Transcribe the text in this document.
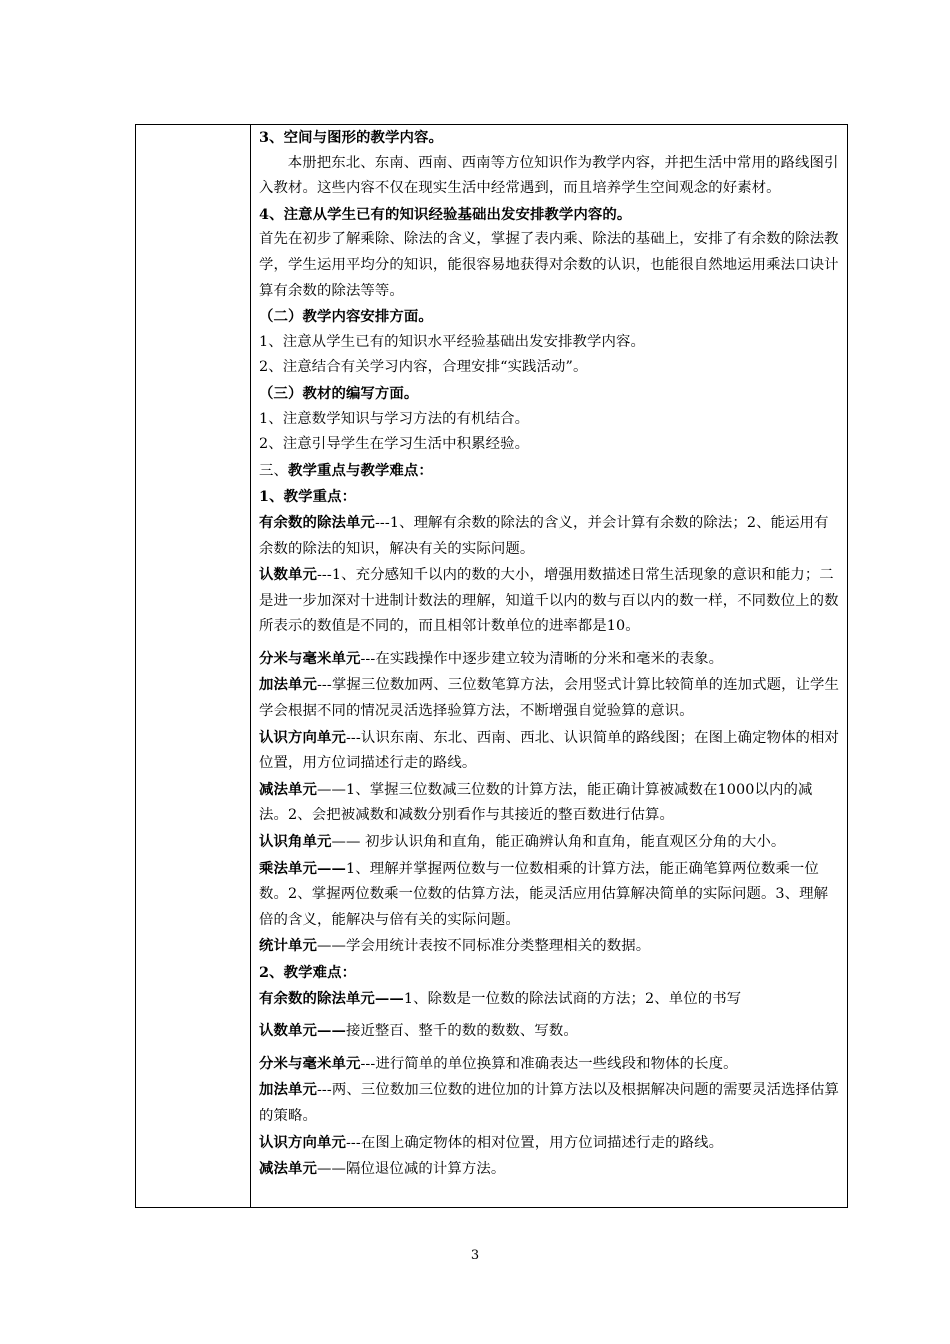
3、空间与图形的教学内容。

本册把东北、东南、西南、西南等方位知识作为教学内容，并把生活中常用的路线图引入教材。这些内容不仅在现实生活中经常遇到，而且培养学生空间观念的好素材。

4、注意从学生已有的知识经验基础出发安排教学内容的。

首先在初步了解乘除、除法的含义，掌握了表内乘、除法的基础上，安排了有余数的除法教学，学生运用平均分的知识，能很容易地获得对余数的认识，也能很自然地运用乘法口诀计算有余数的除法等等。

（二）教学内容安排方面。

1、注意从学生已有的知识水平经验基础出发安排教学内容。

2、注意结合有关学习内容，合理安排“实践活动”。

（三）教材的编写方面。

1、注意数学知识与学习方法的有机结合。

2、注意引导学生在学习生活中积累经验。

三、教学重点与教学难点：

1、教学重点：

有余数的除法单元---1、理解有余数的除法的含义，并会计算有余数的除法；2、能运用有余数的除法的知识，解决有关的实际问题。

认数单元---1、充分感知千以内的数的大小，增强用数描述日常生活现象的意识和能力；二是进一步加深对十进制计数法的理解，知道千以内的数与百以内的数一样，不同数位上的数所表示的数值是不同的，而且相邻计数单位的进率都是10。

分米与毫米单元---在实践操作中逐步建立较为清晰的分米和毫米的表象。

加法单元---掌握三位数加两、三位数笔算方法，会用竖式计算比较简单的连加式题，让学生学会根据不同的情况灵活选择验算方法，不断增强自觉验算的意识。

认识方向单元---认识东南、东北、西南、西北、认识简单的路线图；在图上确定物体的相对位置，用方位词描述行走的路线。

减法单元——1、掌握三位数减三位数的计算方法，能正确计算被减数在1000以内的减法。2、会把被减数和减数分别看作与其接近的整百数进行估算。

认识角单元—— 初步认识角和直角，能正确辨认角和直角，能直观区分角的大小。

乘法单元——1、理解并掌握两位数与一位数相乘的计算方法，能正确笔算两位数乘一位数。2、掌握两位数乘一位数的估算方法，能灵活应用估算解决简单的实际问题。3、理解倍的含义，能解决与倍有关的实际问题。

统计单元——学会用统计表按不同标准分类整理相关的数据。

2、教学难点：

有余数的除法单元——1、除数是一位数的除法试商的方法；2、单位的书写

认数单元——接近整百、整千的数的数数、写数。

分米与毫米单元---进行简单的单位换算和准确表达一些线段和物体的长度。

加法单元---两、三位数加三位数的进位加的计算方法以及根据解决问题的需要灵活选择估算的策略。

认识方向单元---在图上确定物体的相对位置，用方位词描述行走的路线。

减法单元——隔位退位减的计算方法。

3
